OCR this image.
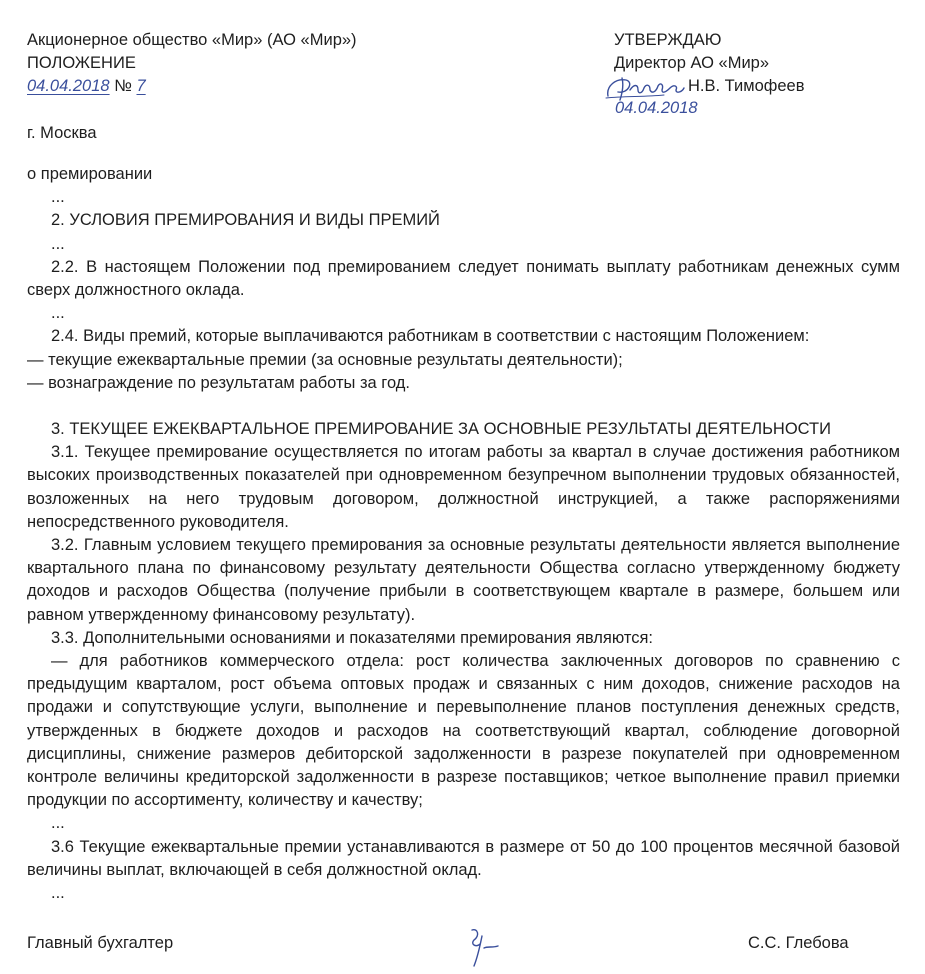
Акционерное общество «Мир» (АО «Мир»)
ПОЛОЖЕНИЕ
04.04.2018 № 7
г. Москва
УТВЕРЖДАЮ
Директор АО «Мир»
Н.В. Тимофеев
04.04.2018

о премировании

...

2. УСЛОВИЯ ПРЕМИРОВАНИЯ И ВИДЫ ПРЕМИЙ

...

2.2. В настоящем Положении под премированием следует понимать выплату работникам денежных сумм сверх должностного оклада.

...

2.4. Виды премий, которые выплачиваются работникам в соответствии с настоящим Положением:

— текущие ежеквартальные премии (за основные результаты деятельности);

— вознаграждение по результатам работы за год.

3. ТЕКУЩЕЕ ЕЖЕКВАРТАЛЬНОЕ ПРЕМИРОВАНИЕ ЗА ОСНОВНЫЕ РЕЗУЛЬТАТЫ ДЕЯТЕЛЬНОСТИ

3.1. Текущее премирование осуществляется по итогам работы за квартал в случае достижения работником высоких производственных показателей при одновременном безупречном выполнении трудовых обязанностей, возложенных на него трудовым договором, должностной инструкцией, а также распоряжениями непосредственного руководителя.

3.2. Главным условием текущего премирования за основные результаты деятельности является выполнение квартального плана по финансовому результату деятельности Общества согласно утвержденному бюджету доходов и расходов Общества (получение прибыли в соответствующем квартале в размере, большем или равном утвержденному финансовому результату).

3.3. Дополнительными основаниями и показателями премирования являются:

— для работников коммерческого отдела: рост количества заключенных договоров по сравнению с предыдущим кварталом, рост объема оптовых продаж и связанных с ним доходов, снижение расходов на продажи и сопутствующие услуги, выполнение и перевыполнение планов поступления денежных средств, утвержденных в бюджете доходов и расходов на соответствующий квартал, соблюдение договорной дисциплины, снижение размеров дебиторской задолженности в разрезе покупателей при одновременном контроле величины кредиторской задолженности в разрезе поставщиков; четкое выполнение правил приемки продукции по ассортименту, количеству и качеству;

...

3.6 Текущие ежеквартальные премии устанавливаются в размере от 50 до 100 процентов месячной базовой величины выплат, включающей в себя должностной оклад.

...

Главный бухгалтер	С.С. Глебова
